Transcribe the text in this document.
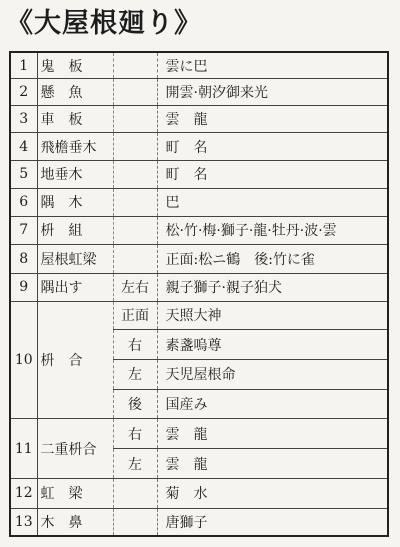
《大屋根廻り》
1	鬼　板		雲に巴
2	懸　魚		開雲·朝汐御来光
3	車　板		雲　龍
4	飛檐垂木		町　名
5	地垂木		町　名
6	隅　木		巴
7	枡　組		松·竹·梅·獅子·龍·牡丹·波·雲
8	屋根虹梁		正面:松ニ鶴　後:竹に雀
9	隅出す	左右	親子獅子·親子狛犬
10	枡　合	正面	天照大神
		右	素盞嗚尊
		左	天児屋根命
		後	国産み
11	二重枡合	右	雲　龍
		左	雲　龍
12	虹　梁		菊　水
13	木　鼻		唐獅子
